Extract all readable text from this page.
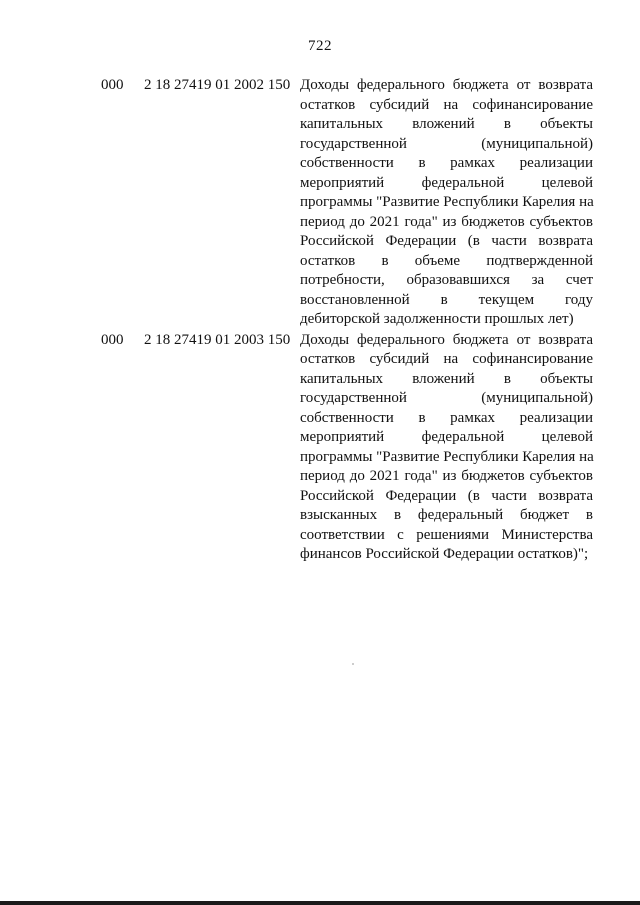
722
000	2 18 27419 01 2002 150 Доходы федерального бюджета от возврата
остатков субсидий на софинансирование
капитальных вложений в объекты
государственной (муниципальной)
собственности в рамках реализации
мероприятий федеральной целевой
программы "Развитие Республики Карелия на
период до 2021 года" из бюджетов субъектов
Российской Федерации (в части возврата
остатков в объеме подтвержденной
потребности, образовавшихся за счет
восстановленной в текущем году
дебиторской задолженности прошлых лет)
000	2 18 27419 01 2003 150 Доходы федерального бюджета от возврата
остатков субсидий на софинансирование
капитальных вложений в объекты
государственной (муниципальной)
собственности в рамках реализации
мероприятий федеральной целевой
программы "Развитие Республики Карелия на
период до 2021 года" из бюджетов субъектов
Российской Федерации (в части возврата
взысканных в федеральный бюджет в
соответствии с решениями Министерства
финансов Российской Федерации остатков)";
